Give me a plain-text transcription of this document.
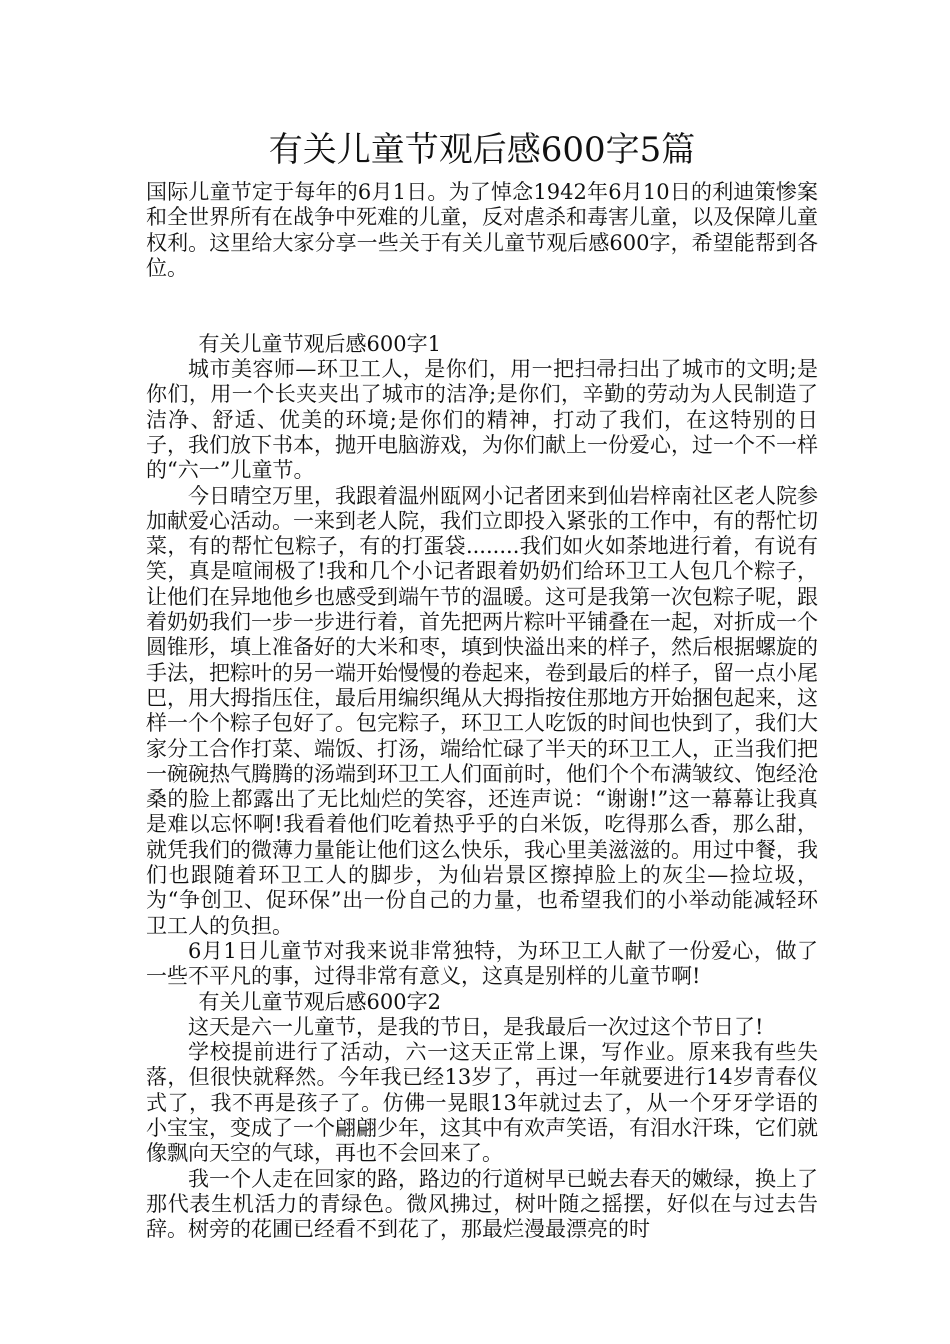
有关儿童节观后感600字5篇

国际儿童节定于每年的6月1日。为了悼念1942年6月10日的利迪策惨案和全世界所有在战争中死难的儿童，反对虐杀和毒害儿童，以及保障儿童权利。这里给大家分享一些关于有关儿童节观后感600字，希望能帮到各位。

有关儿童节观后感600字1

城市美容师—环卫工人，是你们，用一把扫帚扫出了城市的文明;是你们，用一个长夹夹出了城市的洁净;是你们，辛勤的劳动为人民制造了洁净、舒适、优美的环境;是你们的精神，打动了我们，在这特别的日子，我们放下书本，抛开电脑游戏，为你们献上一份爱心，过一个不一样的“六一”儿童节。

今日晴空万里，我跟着温州瓯网小记者团来到仙岩梓南社区老人院参加献爱心活动。一来到老人院，我们立即投入紧张的工作中，有的帮忙切菜，有的帮忙包粽子，有的打蛋袋........我们如火如荼地进行着，有说有笑，真是喧闹极了!我和几个小记者跟着奶奶们给环卫工人包几个粽子，让他们在异地他乡也感受到端午节的温暖。这可是我第一次包粽子呢，跟着奶奶我们一步一步进行着，首先把两片粽叶平铺叠在一起，对折成一个圆锥形，填上准备好的大米和枣，填到快溢出来的样子，然后根据螺旋的手法，把粽叶的另一端开始慢慢的卷起来，卷到最后的样子，留一点小尾巴，用大拇指压住，最后用编织绳从大拇指按住那地方开始捆包起来，这样一个个粽子包好了。包完粽子，环卫工人吃饭的时间也快到了，我们大家分工合作打菜、端饭、打汤，端给忙碌了半天的环卫工人，正当我们把一碗碗热气腾腾的汤端到环卫工人们面前时，他们个个布满皱纹、饱经沧桑的脸上都露出了无比灿烂的笑容，还连声说：“谢谢!”这一幕幕让我真是难以忘怀啊!我看着他们吃着热乎乎的白米饭，吃得那么香，那么甜，就凭我们的微薄力量能让他们这么快乐，我心里美滋滋的。用过中餐，我们也跟随着环卫工人的脚步，为仙岩景区擦掉脸上的灰尘—捡垃圾，为“争创卫、促环保”出一份自己的力量，也希望我们的小举动能减轻环卫工人的负担。

6月1日儿童节对我来说非常独特，为环卫工人献了一份爱心，做了一些不平凡的事，过得非常有意义，这真是别样的儿童节啊!

有关儿童节观后感600字2

这天是六一儿童节，是我的节日，是我最后一次过这个节日了!

学校提前进行了活动，六一这天正常上课，写作业。原来我有些失落，但很快就释然。今年我已经13岁了，再过一年就要进行14岁青春仪式了，我不再是孩子了。仿佛一晃眼13年就过去了，从一个牙牙学语的小宝宝，变成了一个翩翩少年，这其中有欢声笑语，有泪水汗珠，它们就像飘向天空的气球，再也不会回来了。

我一个人走在回家的路，路边的行道树早已蜕去春天的嫩绿，换上了那代表生机活力的青绿色。微风拂过，树叶随之摇摆，好似在与过去告辞。树旁的花圃已经看不到花了，那最烂漫最漂亮的时
